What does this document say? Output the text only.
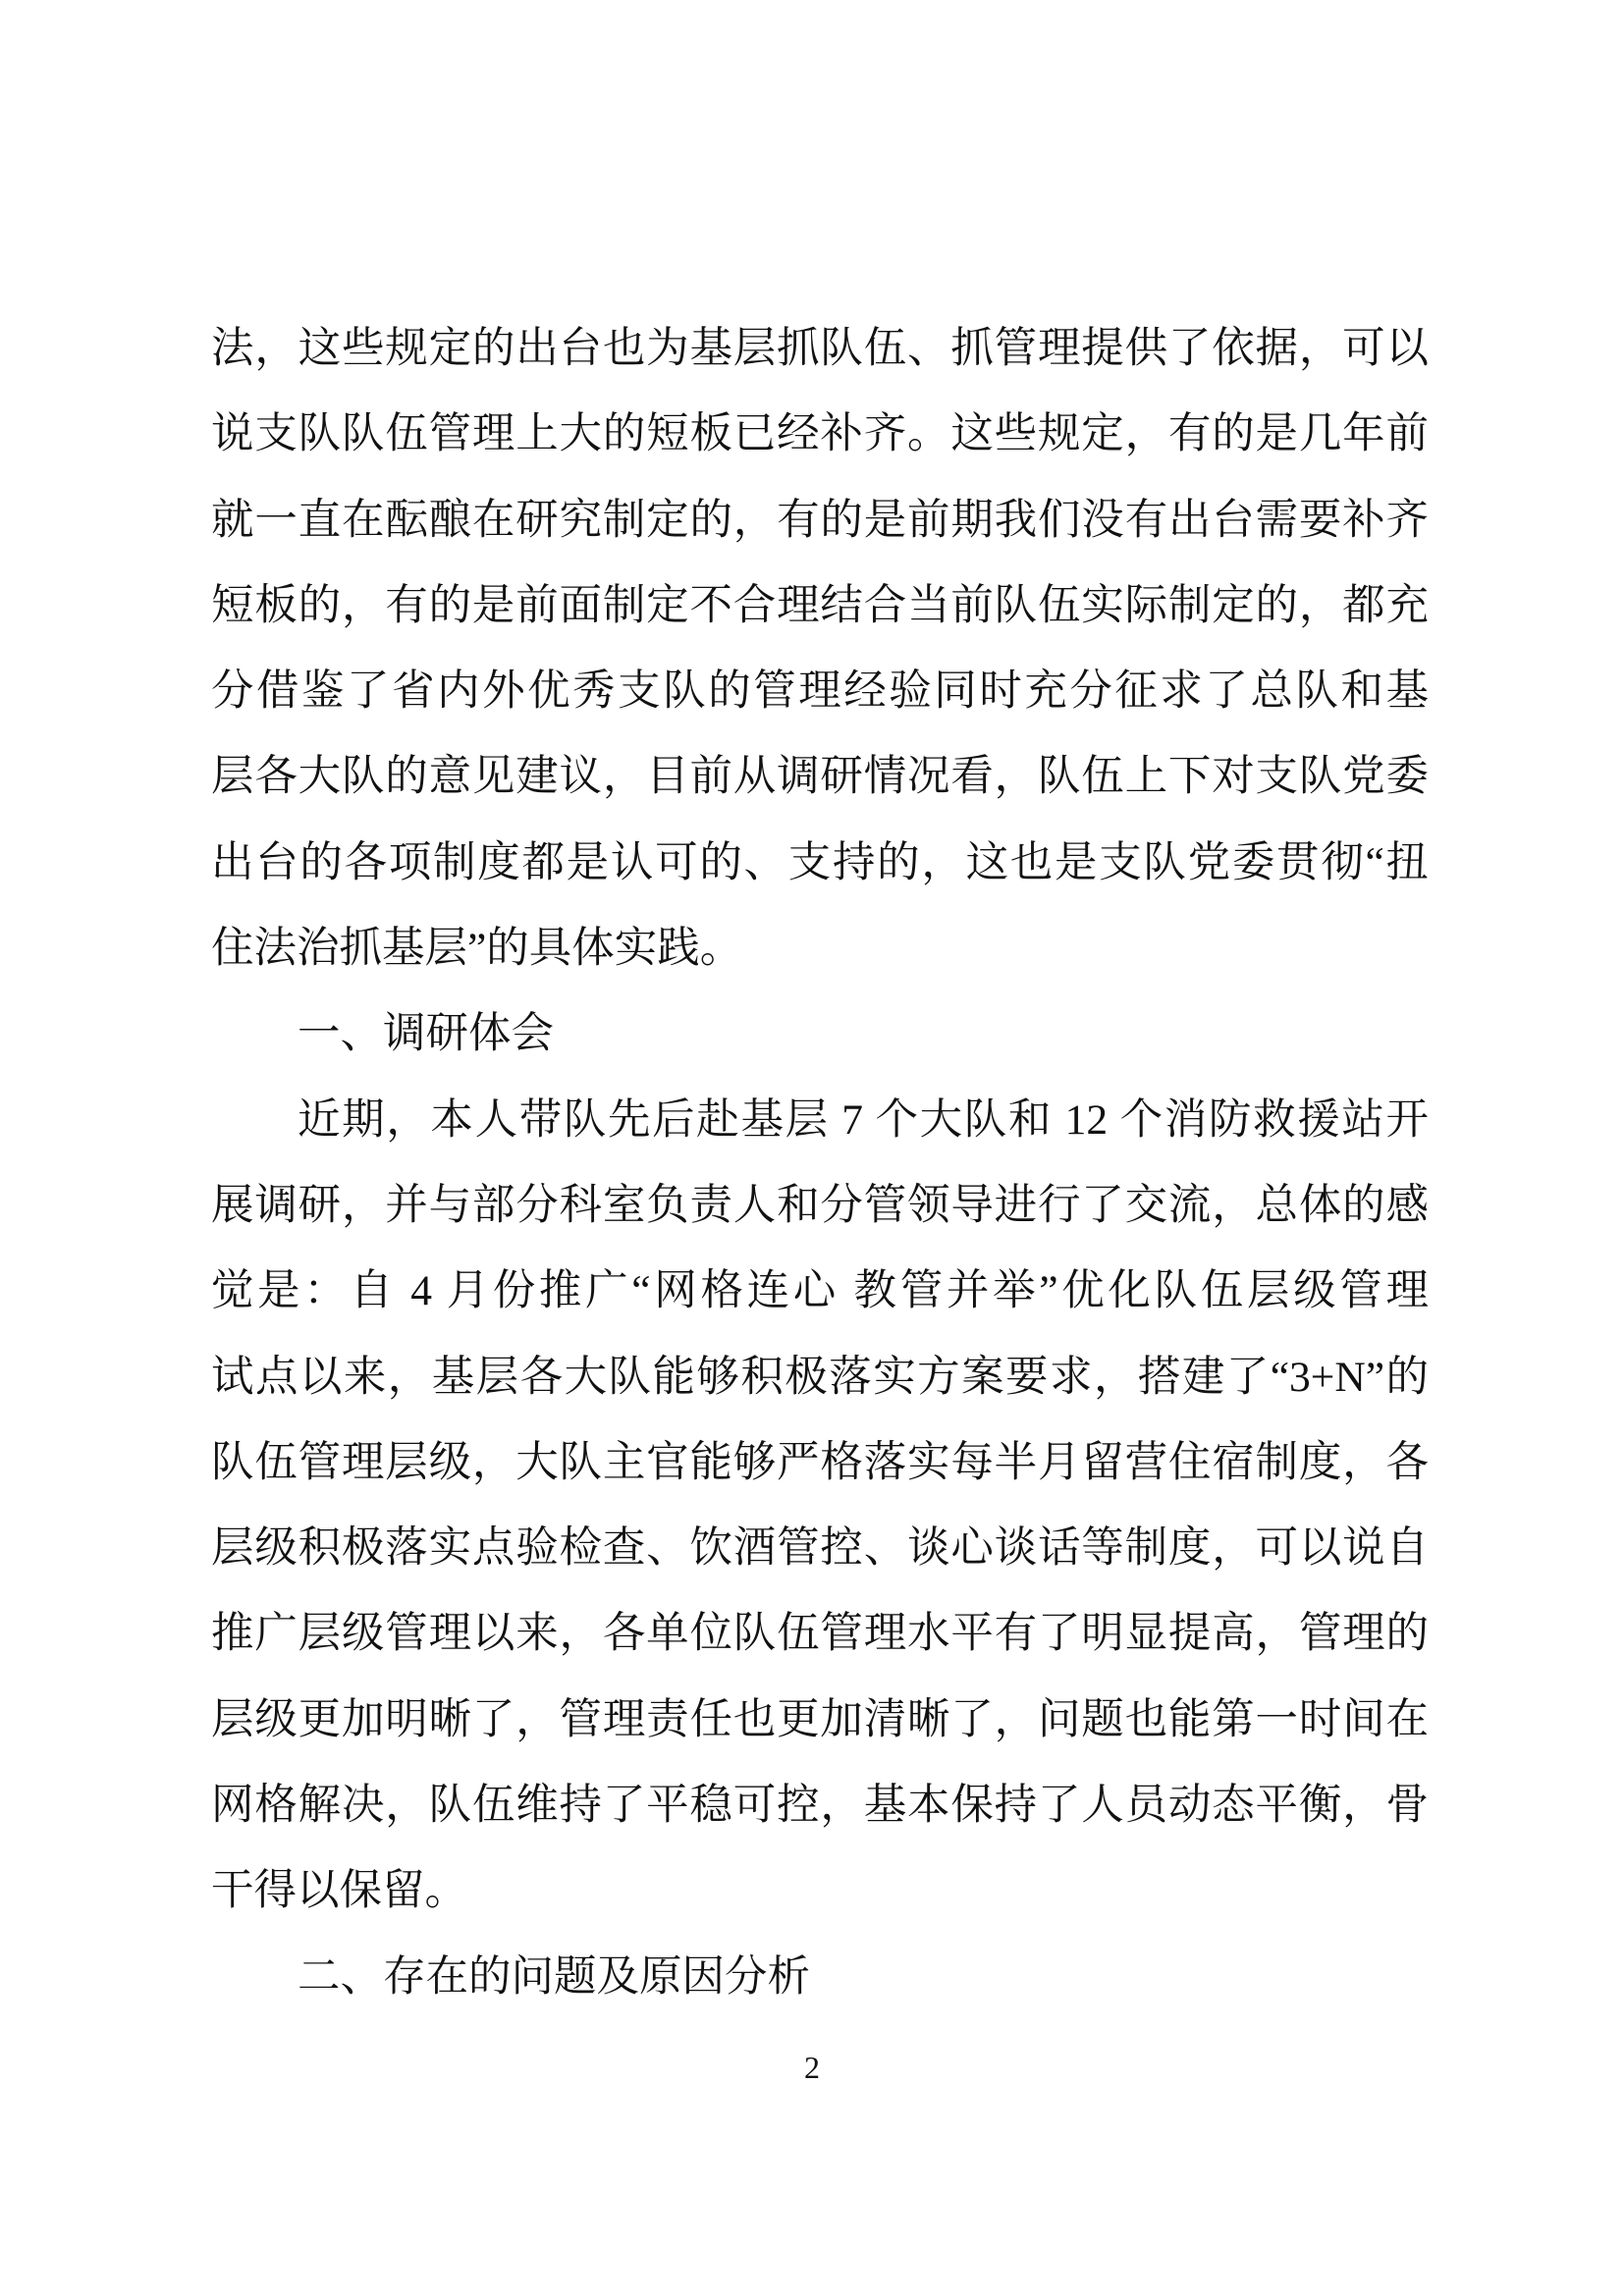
法，这些规定的出台也为基层抓队伍、抓管理提供了依据，可以
说支队队伍管理上大的短板已经补齐。这些规定，有的是几年前
就一直在酝酿在研究制定的，有的是前期我们没有出台需要补齐
短板的，有的是前面制定不合理结合当前队伍实际制定的，都充
分借鉴了省内外优秀支队的管理经验同时充分征求了总队和基
层各大队的意见建议，目前从调研情况看，队伍上下对支队党委
出台的各项制度都是认可的、支持的，这也是支队党委贯彻“扭
住法治抓基层”的具体实践。
一、调研体会
近期，本人带队先后赴基层 7 个大队和 12 个消防救援站开
展调研，并与部分科室负责人和分管领导进行了交流，总体的感
觉是：自 4 月份推广“网格连心 教管并举”优化队伍层级管理
试点以来，基层各大队能够积极落实方案要求，搭建了“3+N”的
队伍管理层级，大队主官能够严格落实每半月留营住宿制度，各
层级积极落实点验检查、饮酒管控、谈心谈话等制度，可以说自
推广层级管理以来，各单位队伍管理水平有了明显提高，管理的
层级更加明晰了，管理责任也更加清晰了，问题也能第一时间在
网格解决，队伍维持了平稳可控，基本保持了人员动态平衡，骨
干得以保留。
二、存在的问题及原因分析
2
